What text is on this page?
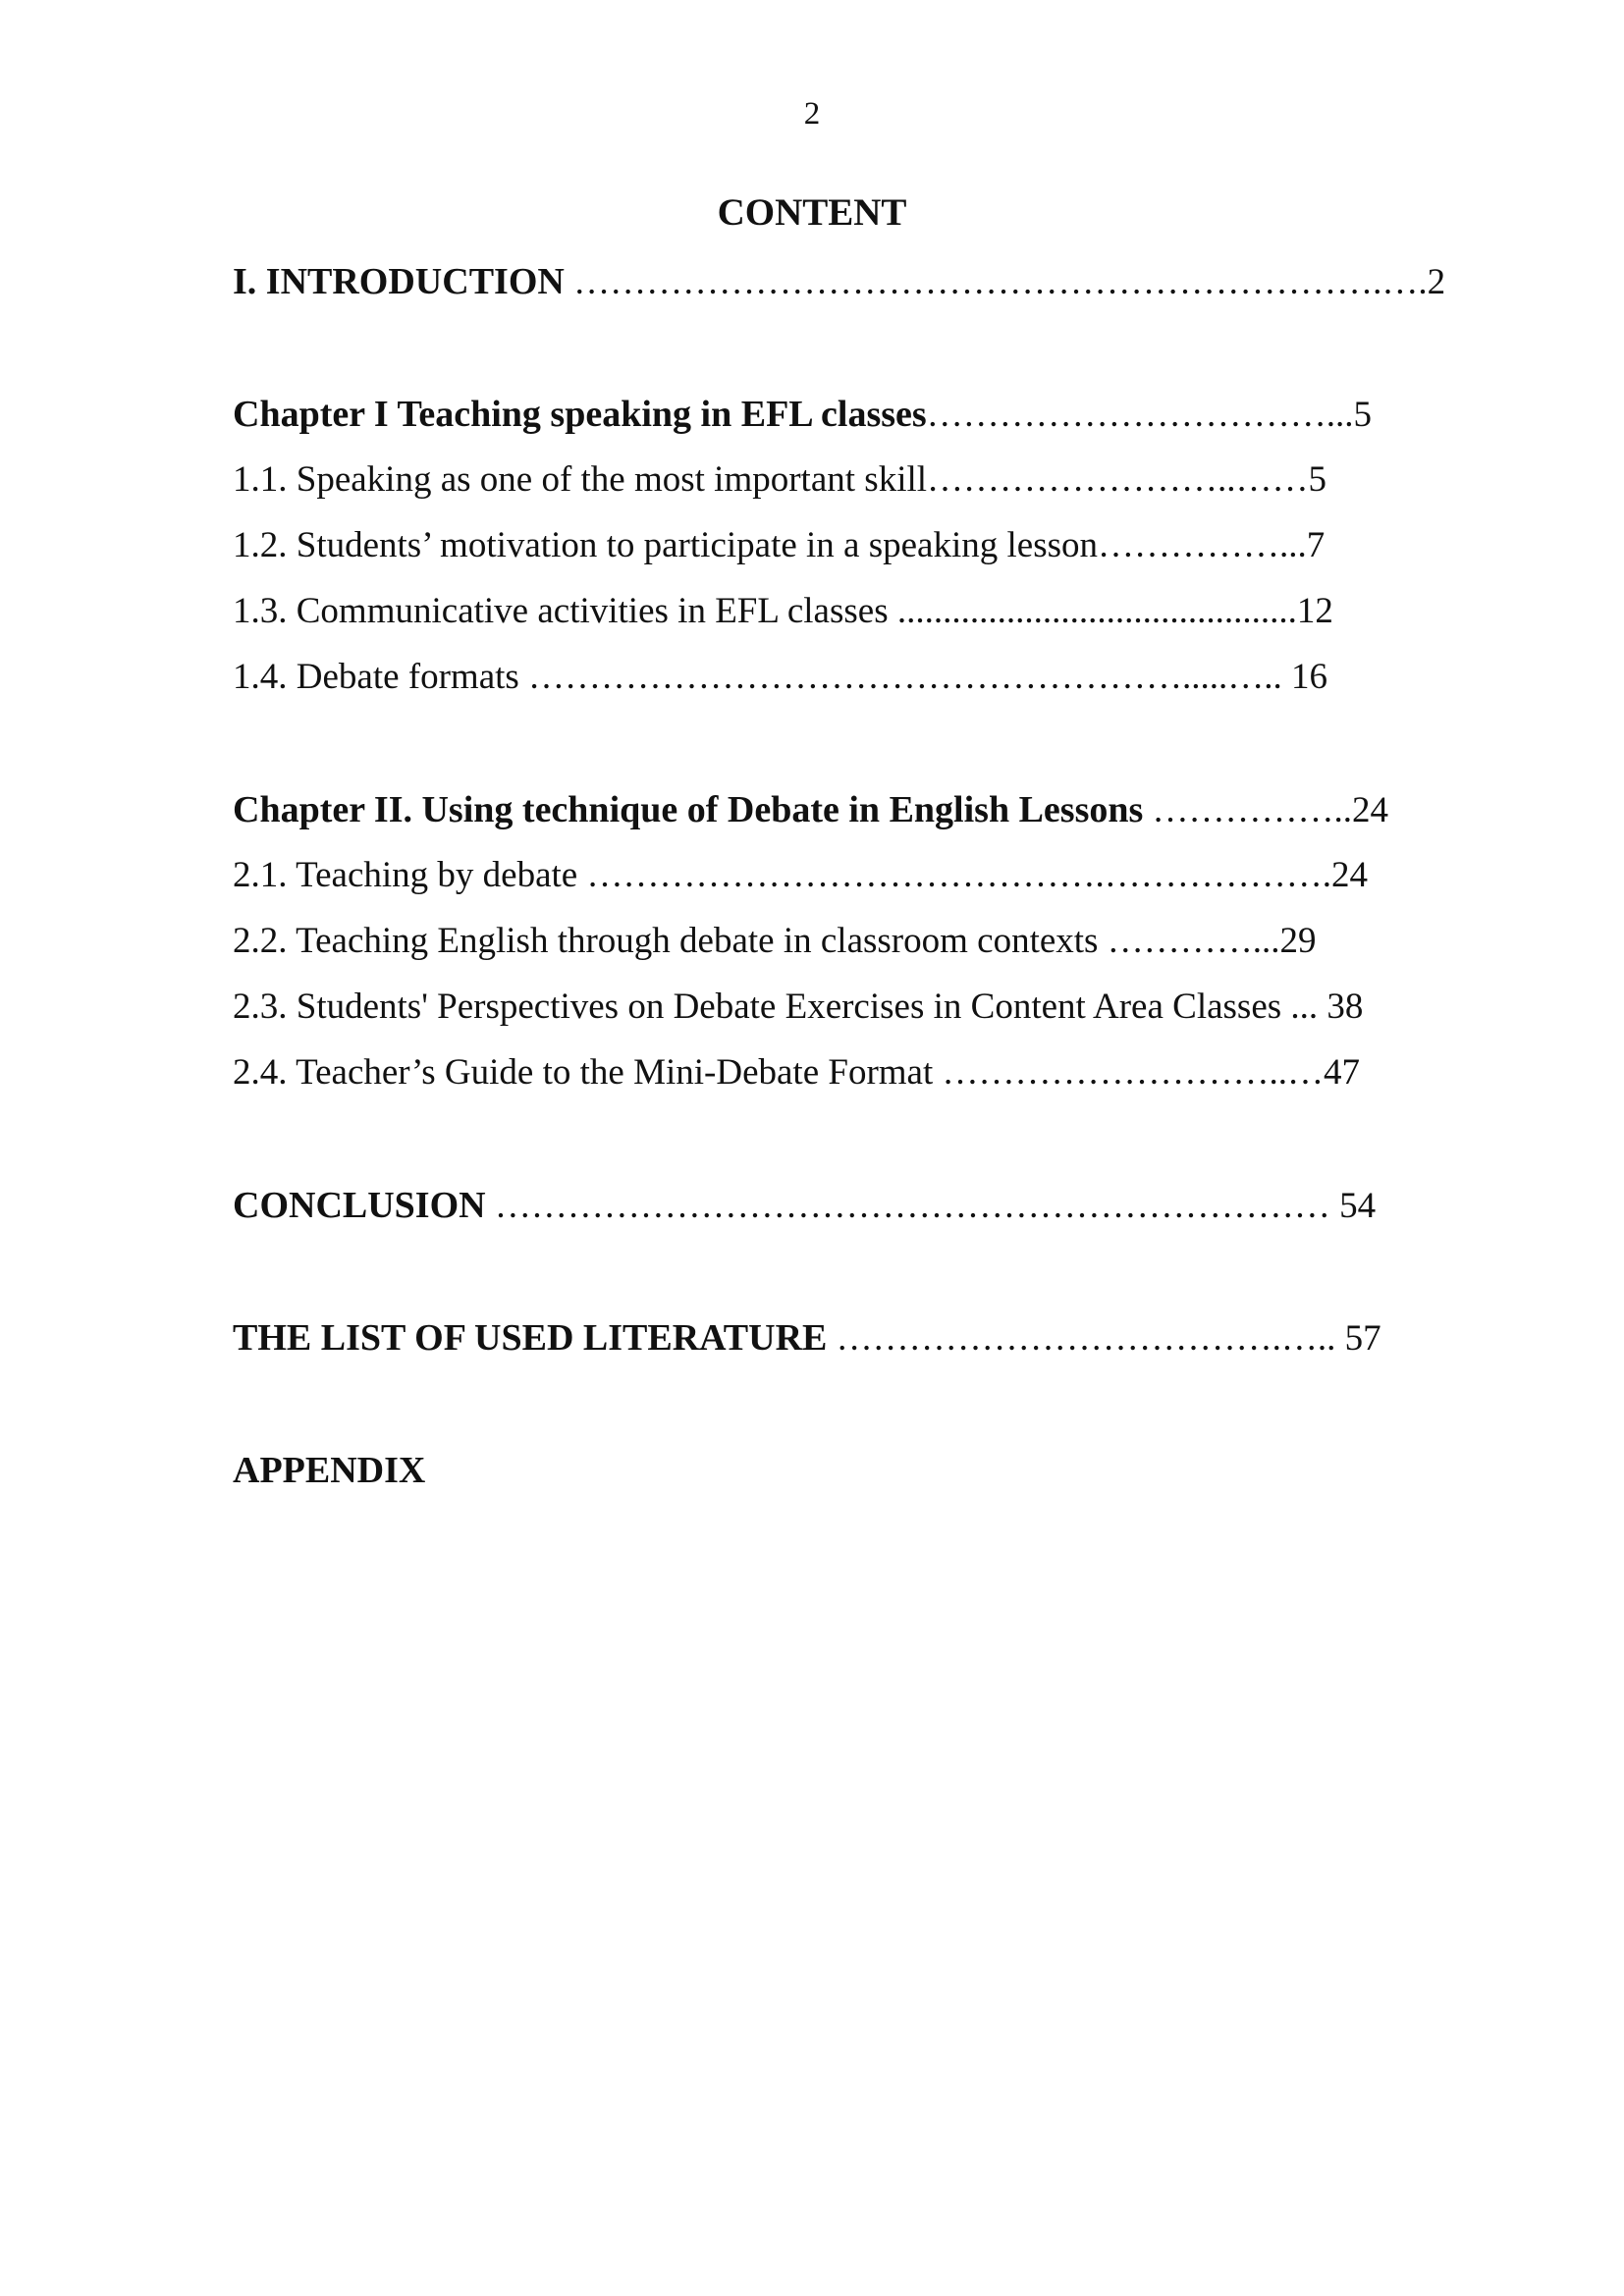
2
CONTENT
I. INTRODUCTION ………………………………………………………….….2
Chapter I Teaching speaking in EFL classes……………………………...5
1.1. Speaking as one of the most important skill……………………..……5
1.2. Students’ motivation to participate in a speaking lesson……………...7
1.3. Communicative activities in EFL classes ............................................12
1.4. Debate formats ……………………………………………….....….. 16
Chapter II. Using technique of Debate in English Lessons ……………..24
2.1. Teaching by debate …………………………………….……………….24
2.2. Teaching English through debate in classroom contexts …………...29
2.3. Students' Perspectives on Debate Exercises in Content Area Classes ... 38
2.4. Teacher’s Guide to the Mini-Debate Format ………………………..…47
CONCLUSION …………………………………………………………… 54
THE LIST OF USED LITERATURE ……………………………….….. 57
APPENDIX
